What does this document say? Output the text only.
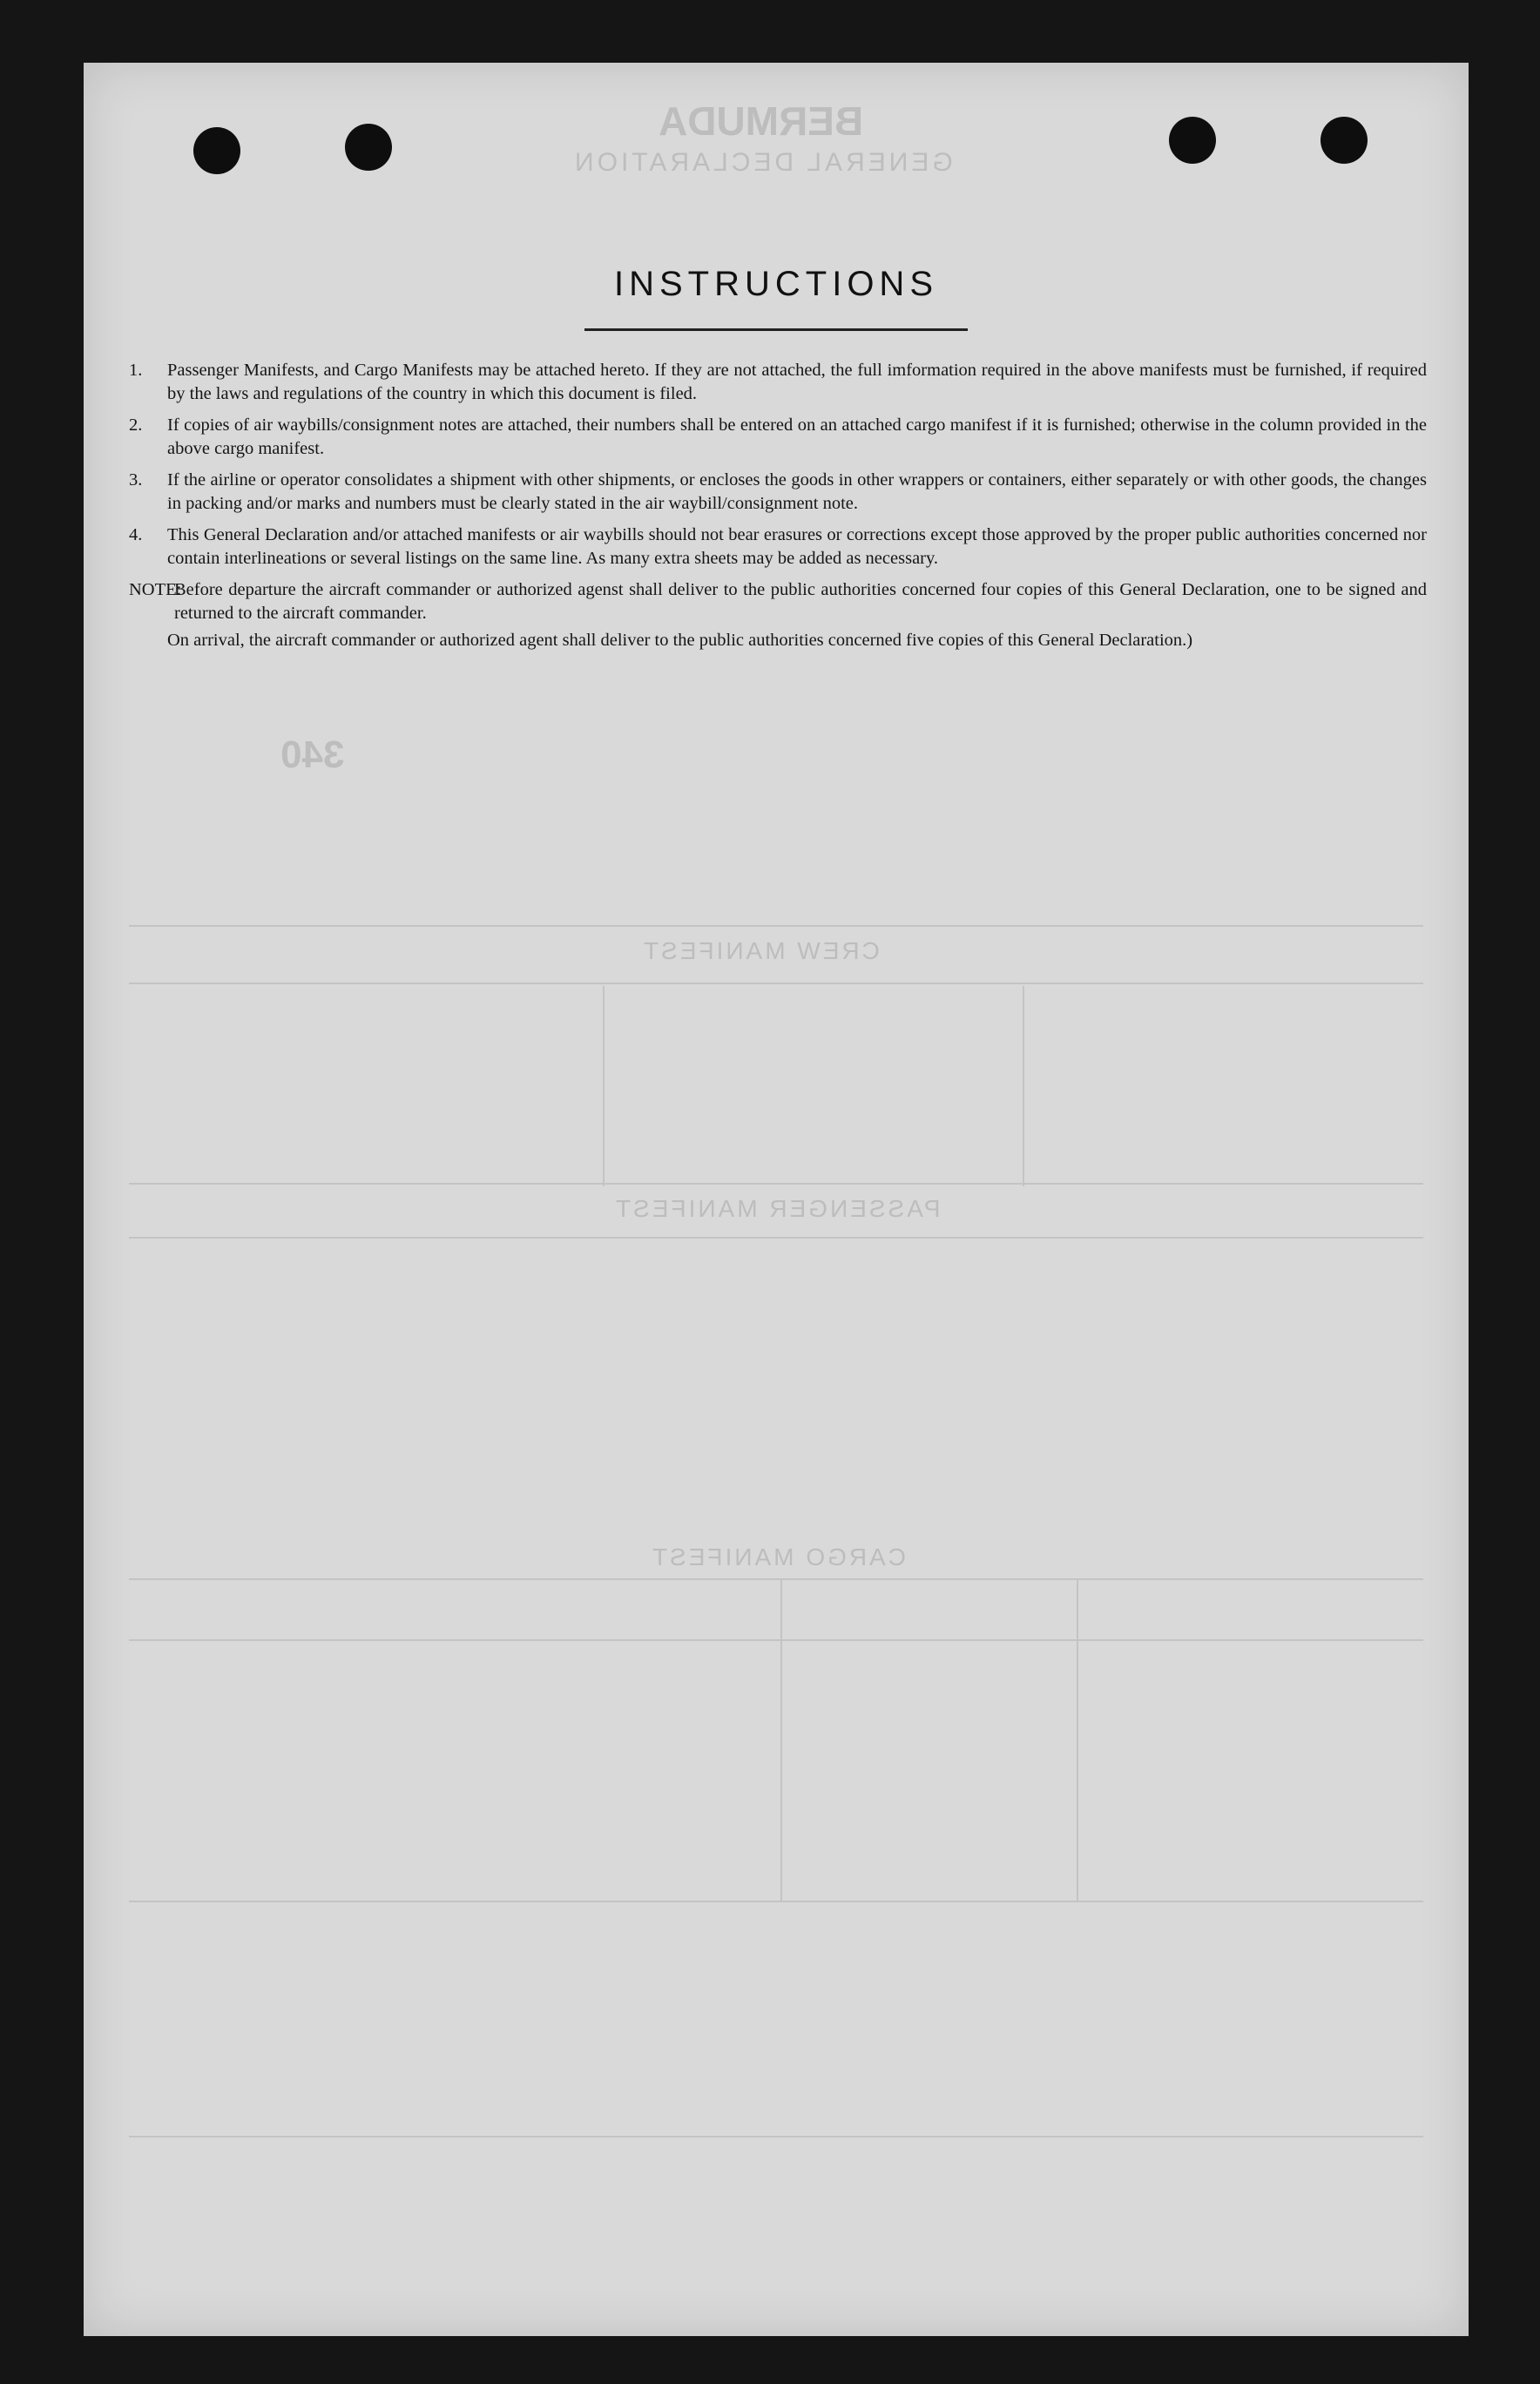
BERMUDA
GENERAL DECLARATION
340
CREW MANIFEST
PASSENGER MANIFEST
CARGO MANIFEST
INSTRUCTIONS
1.	Passenger Manifests, and Cargo Manifests may be attached hereto. If they are not attached, the full imformation required in the above manifests must be furnished, if required by the laws and regulations of the country in which this document is filed.
2.	If copies of air waybills/consignment notes are attached, their numbers shall be entered on an attached cargo manifest if it is furnished; otherwise in the column provided in the above cargo manifest.
3.	If the airline or operator consolidates a shipment with other shipments, or encloses the goods in other wrappers or containers, either separately or with other goods, the changes in packing and/or marks and numbers must be clearly stated in the air waybill/consignment note.
4.	This General Declaration and/or attached manifests or air waybills should not bear erasures or corrections except those approved by the proper public authorities concerned nor contain interlineations or several listings on the same line. As many extra sheets may be added as necessary.
NOTE:
Before departure the aircraft commander or authorized agenst shall deliver to the public authorities concerned four copies of this General Declaration, one to be signed and returned to the aircraft commander.
On arrival, the aircraft commander or authorized agent shall deliver to the public authorities concerned five copies of this General Declaration.)
